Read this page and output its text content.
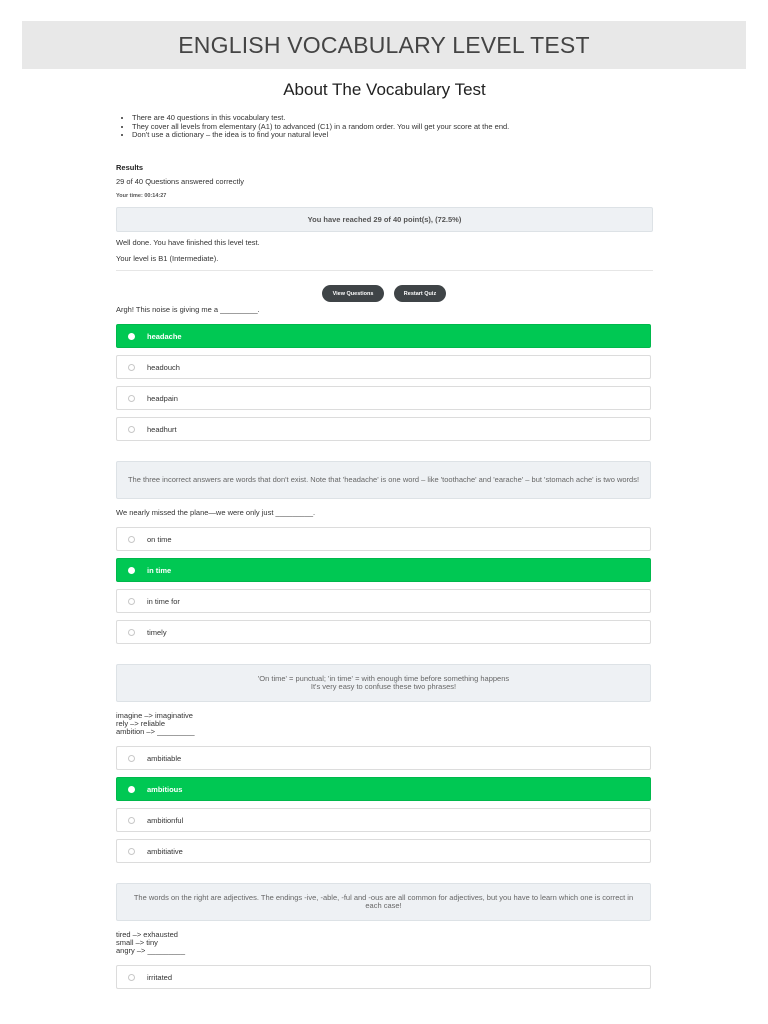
ENGLISH VOCABULARY LEVEL TEST
About The Vocabulary Test
• There are 40 questions in this vocabulary test.
• They cover all levels from elementary (A1) to advanced (C1) in a random order. You will get your score at the end.
• Don't use a dictionary – the idea is to find your natural level
Results
29 of 40 Questions answered correctly
Your time: 00:14:27
You have reached 29 of 40 point(s), (72.5%)
Well done. You have finished this level test.
Your level is B1 (Intermediate).
View Questions	Restart Quiz
Argh! This noise is giving me a _________.
headache
headouch
headpain
headhurt
The three incorrect answers are words that don't exist. Note that 'headache' is one word – like 'toothache' and 'earache' – but 'stomach ache' is two words!
We nearly missed the plane—we were only just _________.
on time
in time
in time for
timely
'On time' = punctual; 'in time' = with enough time before something happens
It's very easy to confuse these two phrases!
imagine –> imaginative
rely –> reliable
ambition –> _________
ambitiable
ambitious
ambitionful
ambitiative
The words on the right are adjectives. The endings -ive, -able, -ful and -ous are all common for adjectives, but you have to learn which one is correct in each case!
tired –> exhausted
small –> tiny
angry –> _________
irritated
